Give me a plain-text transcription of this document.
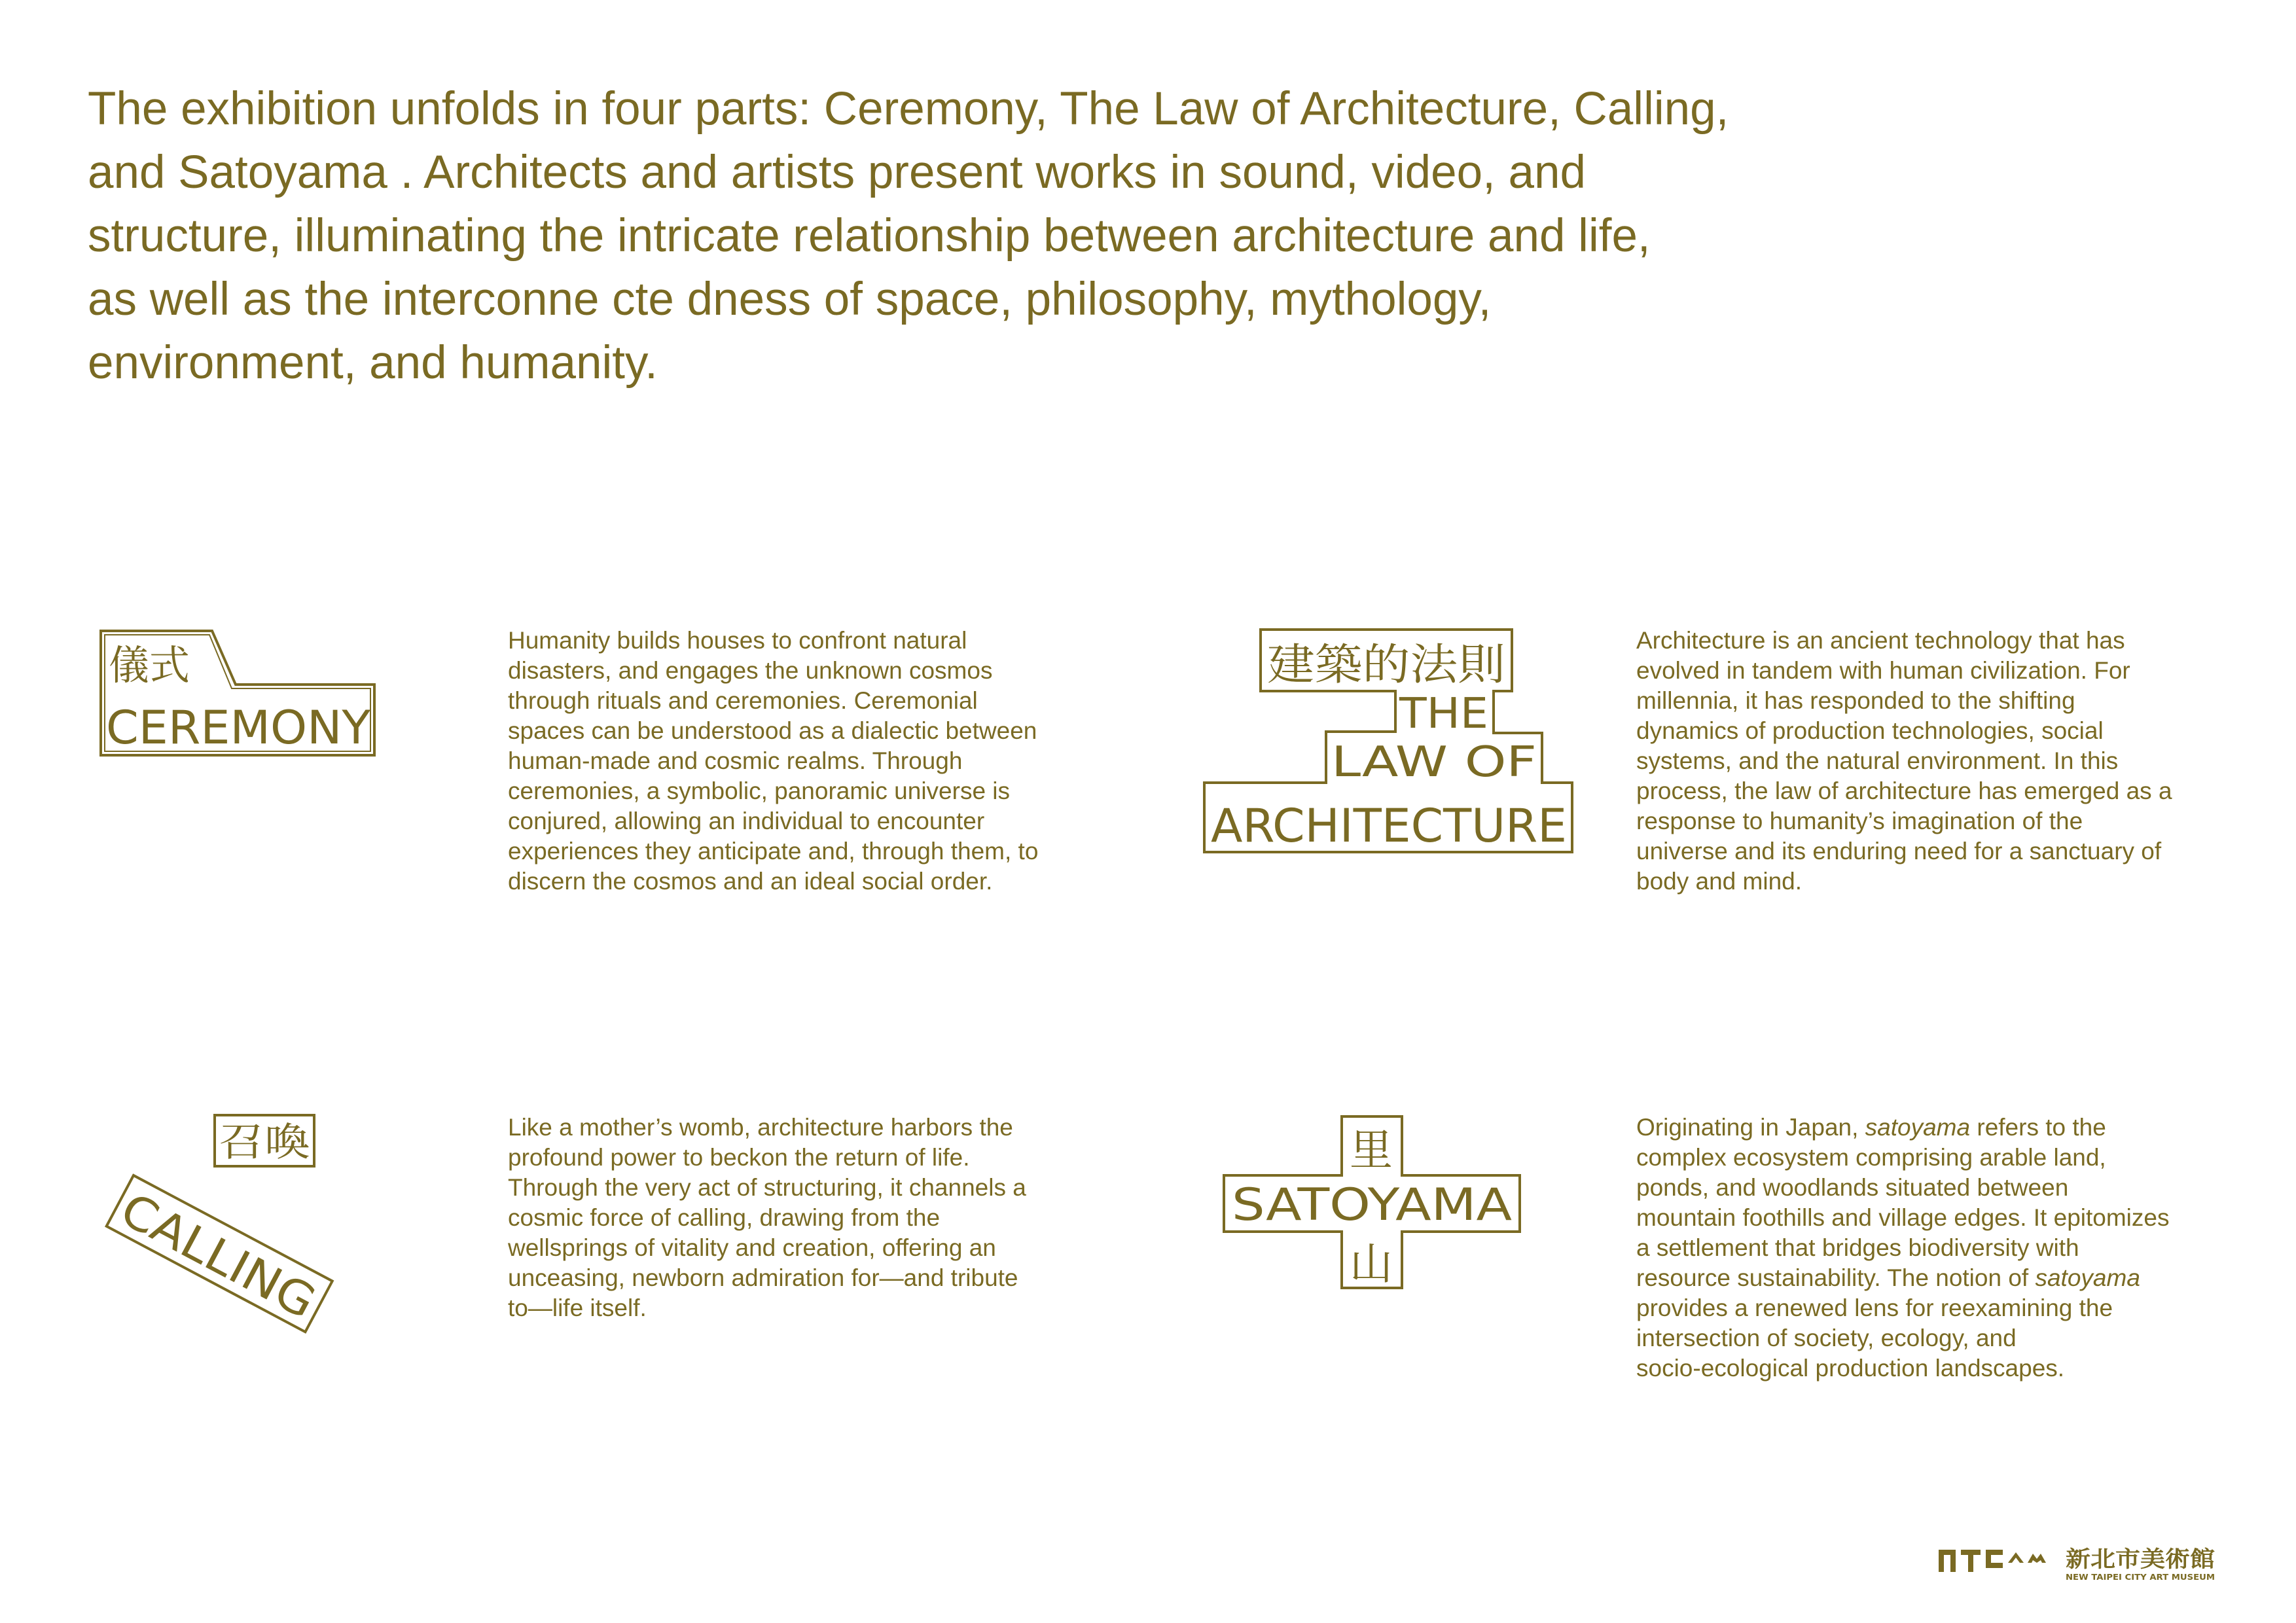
The exhibition unfolds in four parts: Ceremony, The Law of Architecture, Calling,
and Satoyama . Architects and artists present works in sound, video, and
structure, illuminating the intricate relationship between architecture and life,
as well as the interconne cte dness of space, philosophy, mythology,
environment, and humanity.

儀式
CEREMONY
Humanity builds houses to confront natural
disasters, and engages the unknown cosmos
through rituals and ceremonies. Ceremonial
spaces can be understood as a dialectic between
human-made and cosmic realms. Through
ceremonies, a symbolic, panoramic universe is
conjured, allowing an individual to encounter
experiences they anticipate and, through them, to
discern the cosmos and an ideal social order.
建築的法則
THE
LAW OF
ARCHITECTURE
Architecture is an ancient technology that has
evolved in tandem with human civilization. For
millennia, it has responded to the shifting
dynamics of production technologies, social
systems, and the natural environment. In this
process, the law of architecture has emerged as a
response to humanity’s imagination of the
universe and its enduring need for a sanctuary of
body and mind.
召喚
CALLING
Like a mother’s womb, architecture harbors the
profound power to beckon the return of life.
Through the very act of structuring, it channels a
cosmic force of calling, drawing from the
wellsprings of vitality and creation, offering an
unceasing, newborn admiration for—and tribute
to—life itself.
里
SATOYAMA
山
Originating in Japan, satoyama refers to the
complex ecosystem comprising arable land,
ponds, and woodlands situated between
mountain foothills and village edges. It epitomizes
a settlement that bridges biodiversity with
resource sustainability. The notion of satoyama
provides a renewed lens for reexamining the
intersection of society, ecology, and
socio-ecological production landscapes.
新北市美術館
NEW TAIPEI CITY ART MUSEUM
